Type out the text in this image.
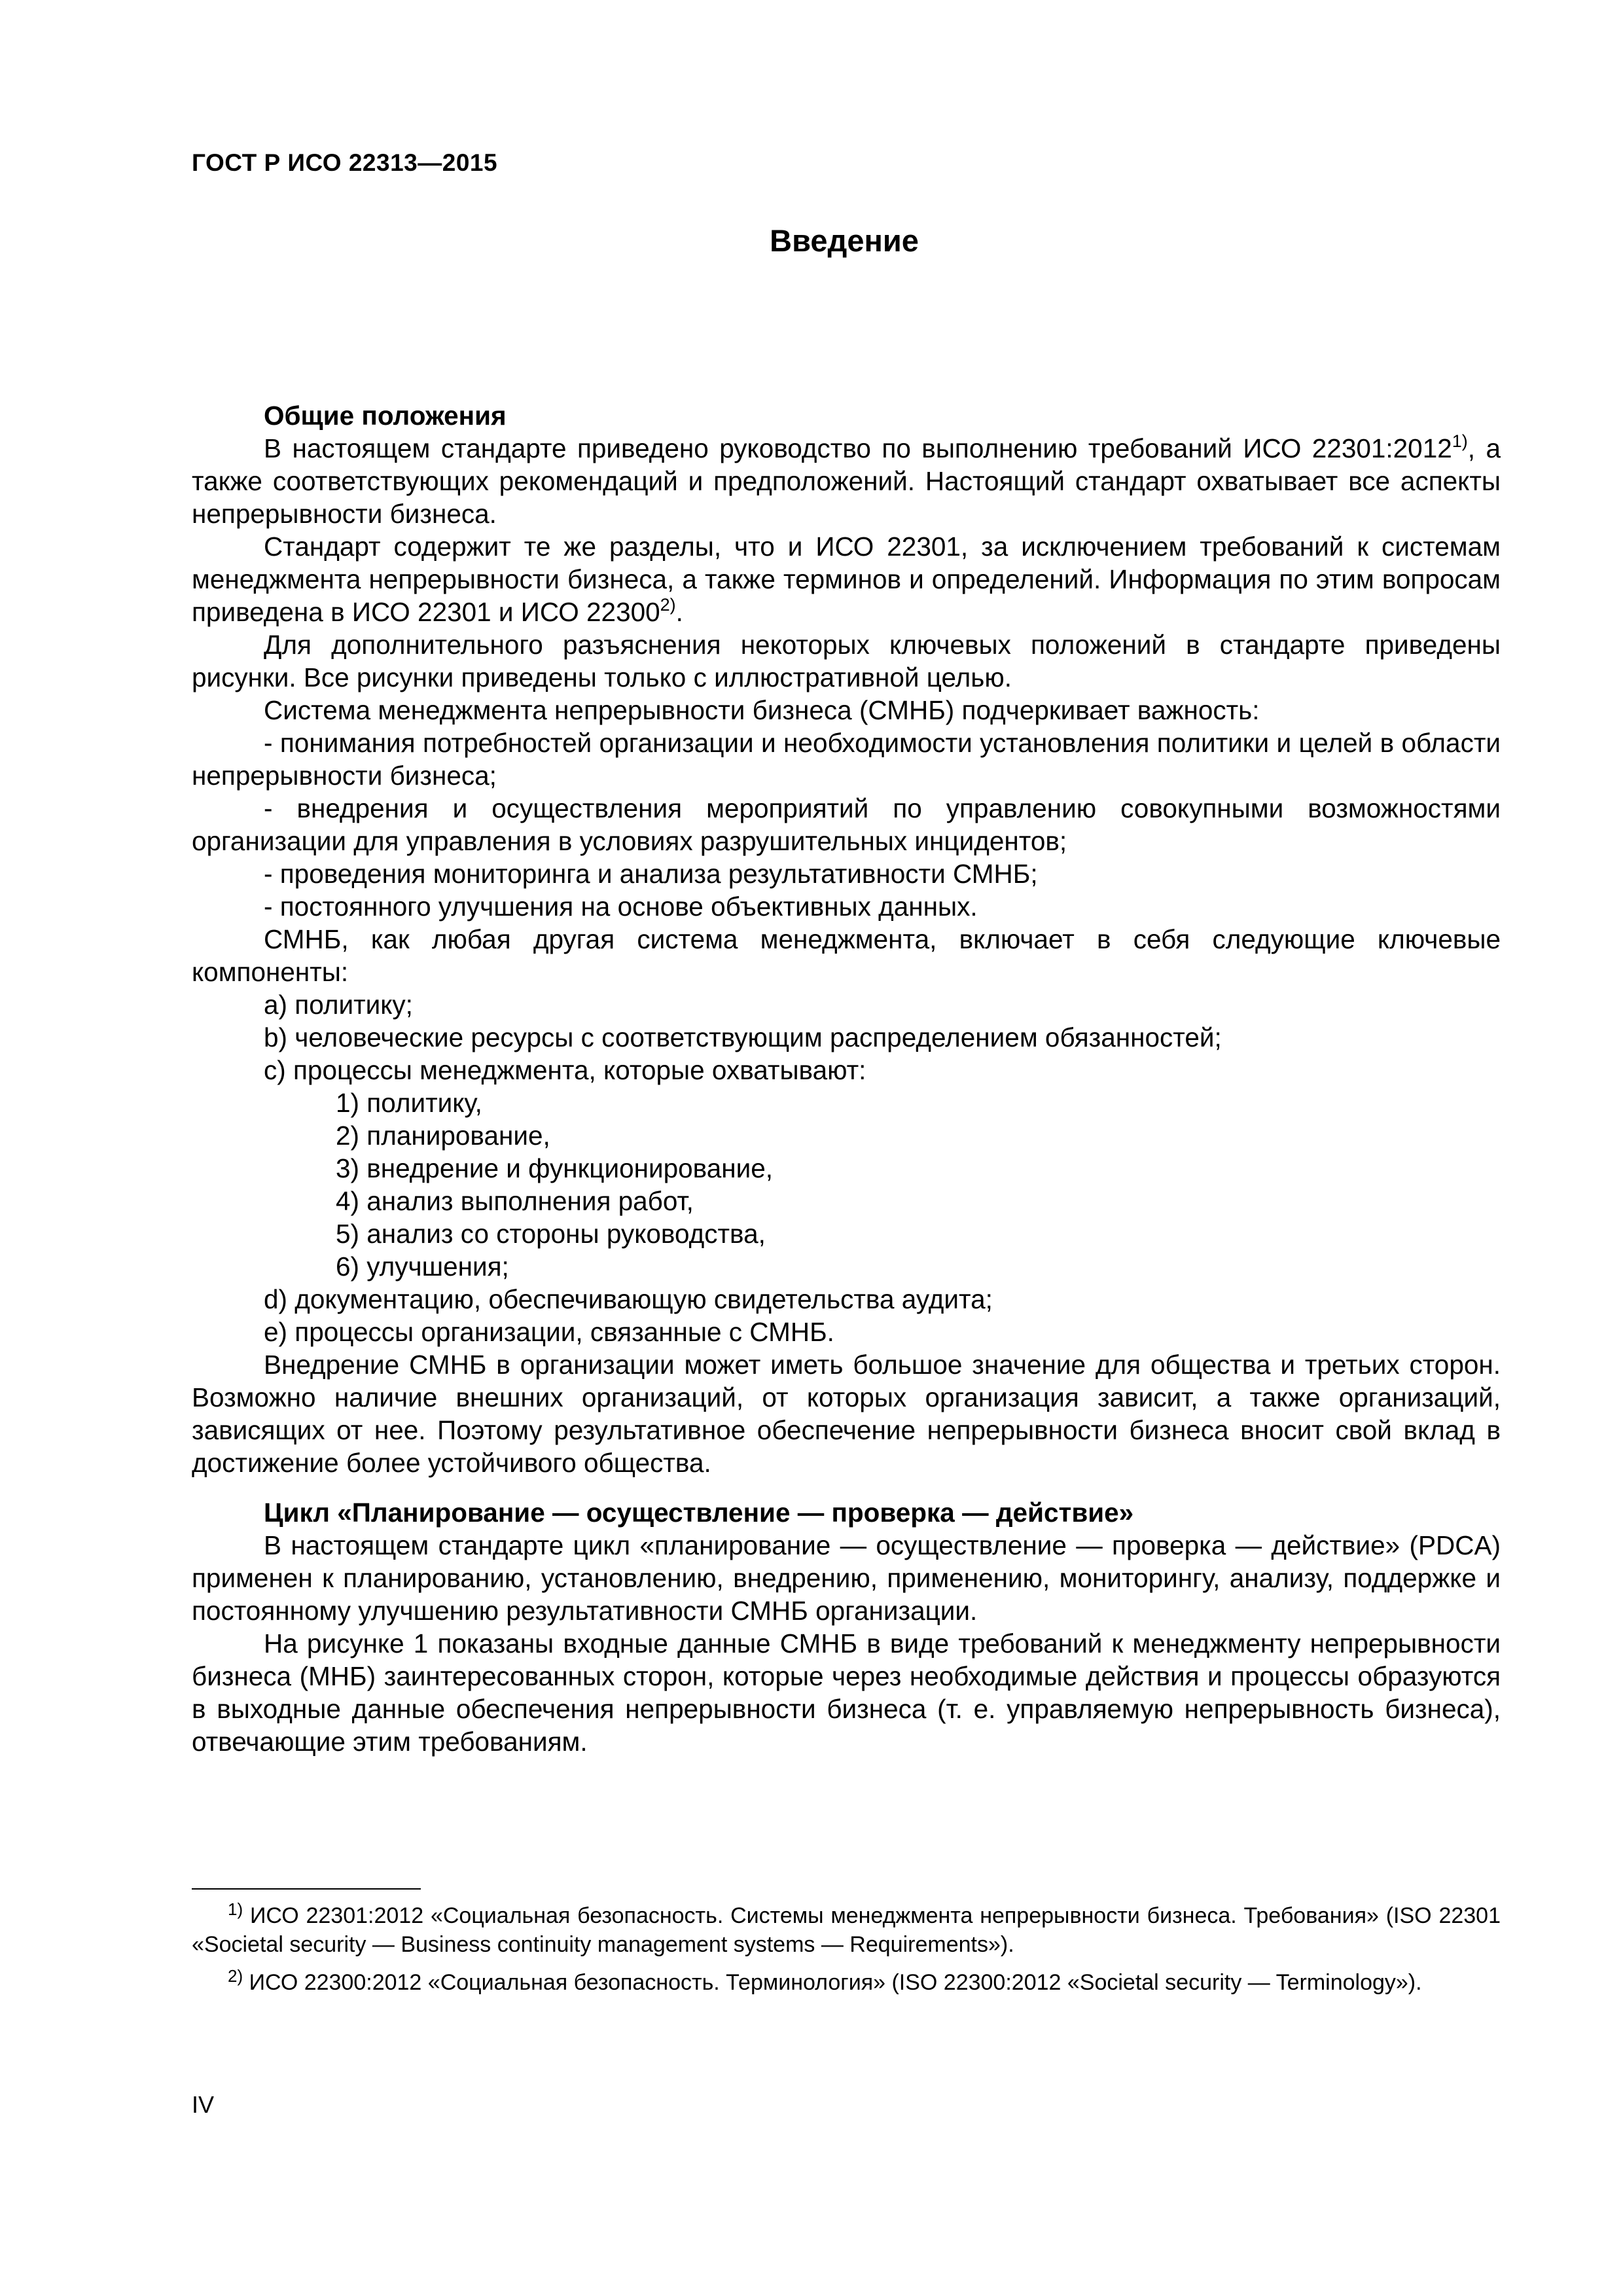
ГОСТ Р ИСО 22313—2015
Введение

Общие положения

В настоящем стандарте приведено руководство по выполнению требований ИСО 22301:2012$^{1)}$, а также соответствующих рекомендаций и предположений. Настоящий стандарт охватывает все аспекты непрерывности бизнеса.

Стандарт содержит те же разделы, что и ИСО 22301, за исключением требований к системам менеджмента непрерывности бизнеса, а также терминов и определений. Информация по этим вопросам приведена в ИСО 22301 и ИСО 22300$^{2)}$.

Для дополнительного разъяснения некоторых ключевых положений в стандарте приведены рисунки. Все рисунки приведены только с иллюстративной целью.

Система менеджмента непрерывности бизнеса (СМНБ) подчеркивает важность:

- понимания потребностей организации и необходимости установления политики и целей в области непрерывности бизнеса;

- внедрения и осуществления мероприятий по управлению совокупными возможностями организации для управления в условиях разрушительных инцидентов;

- проведения мониторинга и анализа результативности СМНБ;

- постоянного улучшения на основе объективных данных.

СМНБ, как любая другая система менеджмента, включает в себя следующие ключевые компоненты:

a) политику;

b) человеческие ресурсы с соответствующим распределением обязанностей;

c) процессы менеджмента, которые охватывают:

1) политику,

2) планирование,

3) внедрение и функционирование,

4) анализ выполнения работ,

5) анализ со стороны руководства,

6) улучшения;

d) документацию, обеспечивающую свидетельства аудита;

e) процессы организации, связанные с СМНБ.

Внедрение СМНБ в организации может иметь большое значение для общества и третьих сторон. Возможно наличие внешних организаций, от которых организация зависит, а также организаций, зависящих от нее. Поэтому результативное обеспечение непрерывности бизнеса вносит свой вклад в достижение более устойчивого общества.

Цикл «Планирование — осуществление — проверка — действие»

В настоящем стандарте цикл «планирование — осуществление — проверка — действие» (PDCA) применен к планированию, установлению, внедрению, применению, мониторингу, анализу, поддержке и постоянному улучшению результативности СМНБ организации.

На рисунке 1 показаны входные данные СМНБ в виде требований к менеджменту непрерывности бизнеса (МНБ) заинтересованных сторон, которые через необходимые действия и процессы образуются в выходные данные обеспечения непрерывности бизнеса (т. е. управляемую непрерывность бизнеса), отвечающие этим требованиям.

$^{1)}$ ИСО 22301:2012 «Социальная безопасность. Системы менеджмента непрерывности бизнеса. Требования» (ISO 22301 «Societal security — Business continuity management systems — Requirements»).

$^{2)}$ ИСО 22300:2012 «Социальная безопасность. Терминология» (ISO 22300:2012 «Societal security — Terminology»).

IV
